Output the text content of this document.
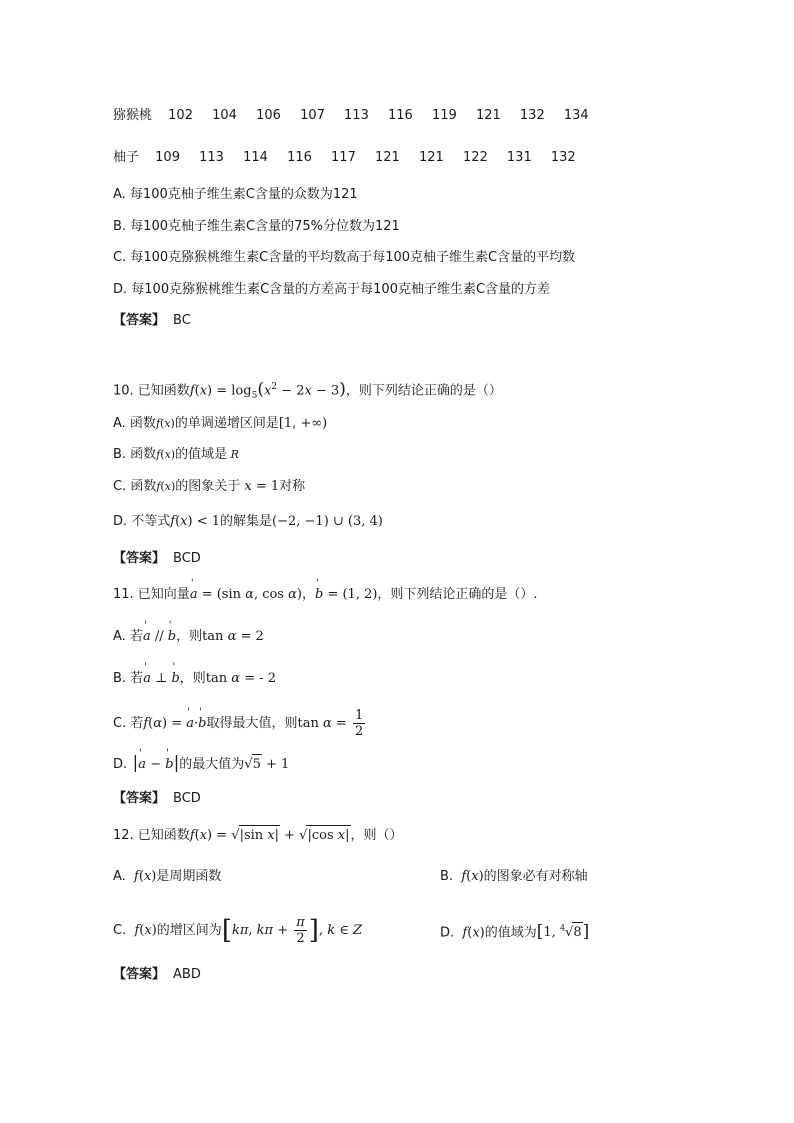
猕猴桃 102 104 106 107 113 116 119 121 132 134
柚子 109 113 114 116 117 121 121 122 131 132
A. 每100克柚子维生素C含量的众数为121
B. 每100克柚子维生素C含量的75%分位数为121
C. 每100克猕猴桃维生素C含量的平均数高于每100克柚子维生素C含量的平均数
D. 每100克猕猴桃维生素C含量的方差高于每100克柚子维生素C含量的方差
【答案】 BC
10. 已知函数$f(x) = \log_5(x^2 - 2x - 3)$，则下列结论正确的是（）
A. 函数f(x)的单调递增区间是[1, +∞)
B. 函数f(x)的值域是 R
C. 函数f(x)的图象关于 x = 1对称
D. 不等式f(x) < 1的解集是(−2, −1) ∪ (3, 4)
【答案】 BCD
11. 已知向量' a = (sin α, cos α)，' b = (1, 2)，则下列结论正确的是（）.
A. 若' a // ' b，则tan α = 2
B. 若' a ⊥ ' b，则tan α = - 2
C. 若f(α) = ' a·' b取得最大值，则$\tan \alpha = \frac{1}{2}$
D. |' a − ' b|的最大值为√5 + 1
【答案】 BCD
12. 已知函数f(x) = √|sin x| + √|cos x|，则（）
A.  f(x)是周期函数	B.  f(x)的图象必有对称轴
C.  f(x)的增区间为[kπ, $k\pi + \frac{\pi}{2}$ ], k ∈ Z	D.  f(x)的值域为[1, $^4$√8]
【答案】 ABD
